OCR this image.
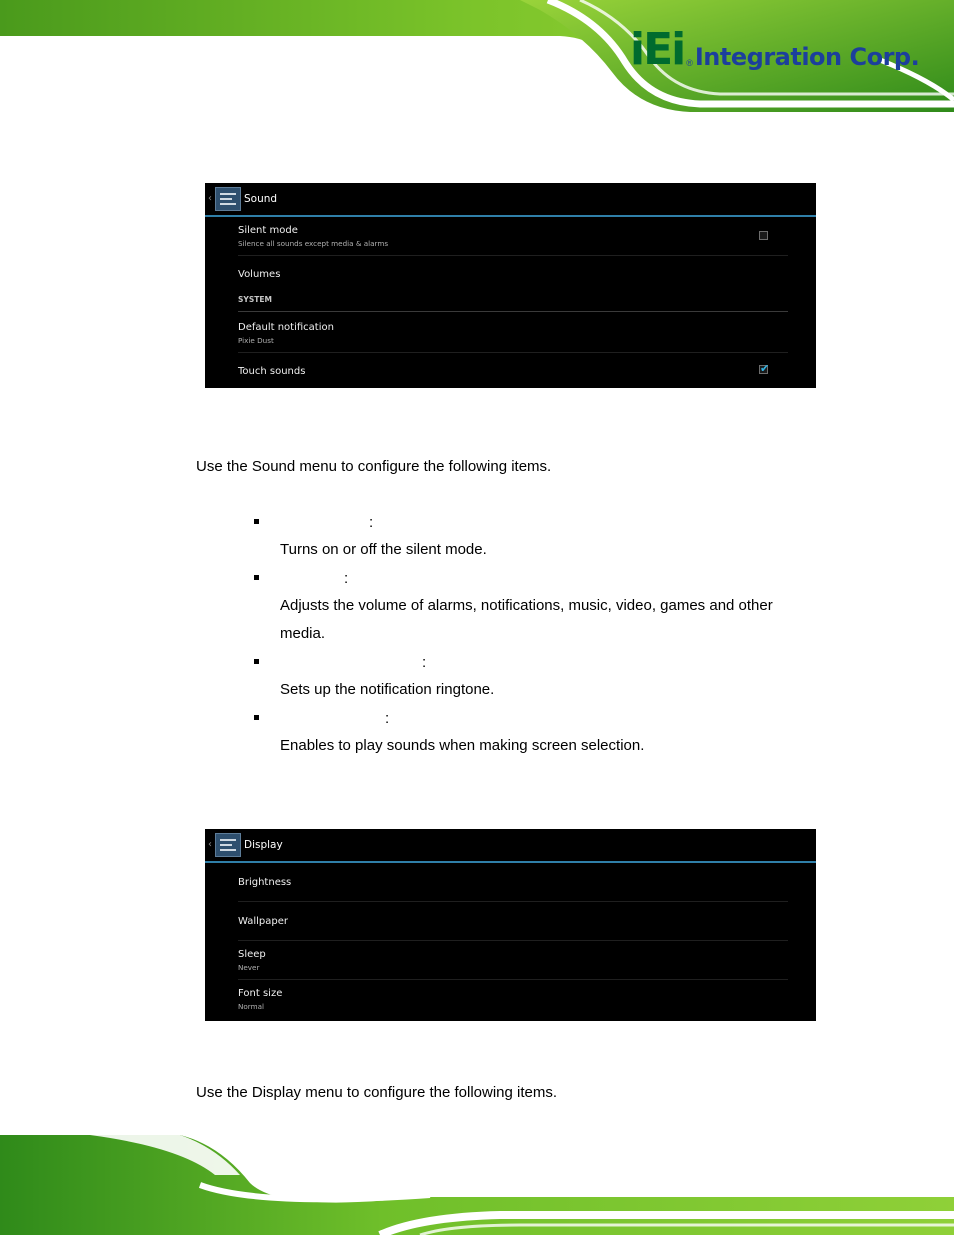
iEi ® Integration Corp.
‹	Sound
Silent mode
Silence all sounds except media & alarms
Volumes
SYSTEM
Default notification
Pixie Dust
Touch sounds
✔
Use the Sound menu to configure the following items.
:
Turns on or off the silent mode.
:
Adjusts the volume of alarms, notifications, music, video, games and other media.
:
Sets up the notification ringtone.
:
Enables to play sounds when making screen selection.
‹	Display
Brightness
Wallpaper
Sleep
Never
Font size
Normal
Use the Display menu to configure the following items.
